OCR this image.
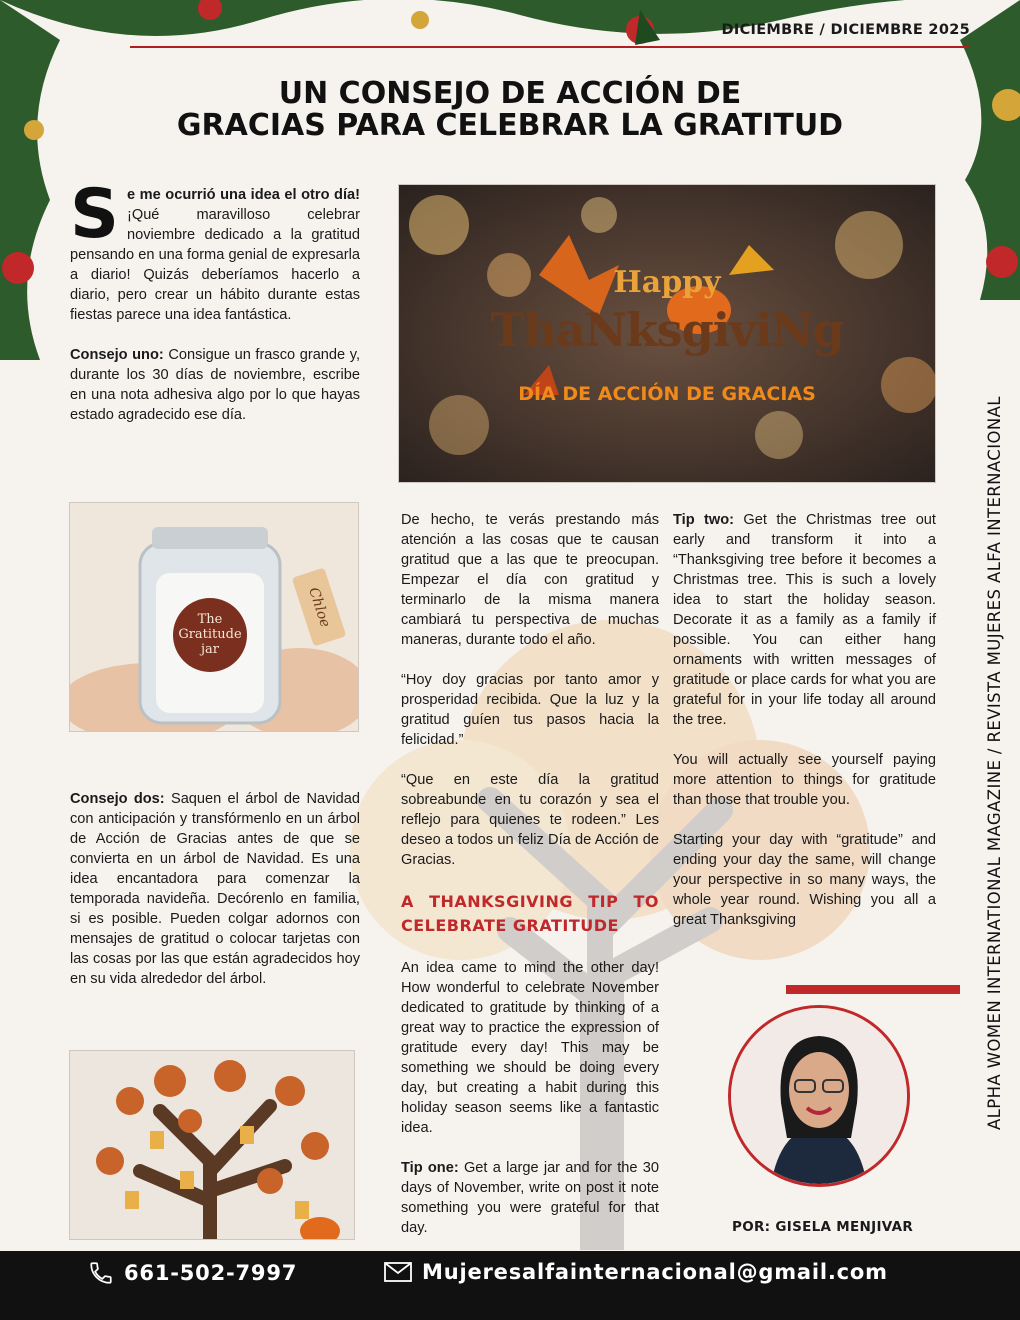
DICIEMBRE / DICIEMBRE 2025
UN CONSEJO DE ACCIÓN DE
GRACIAS PARA CELEBRAR LA GRATITUD

Se me ocurrió una idea el otro día! ¡Qué maravilloso celebrar noviembre dedicado a la gratitud pensando en una forma genial de expresarla a diario! Quizás deberíamos hacerlo a diario, pero crear un hábito durante estas fiestas parece una idea fantástica.

Consejo uno: Consigue un frasco grande y, durante los 30 días de noviembre, escribe en una nota adhesiva algo por lo que hayas estado agradecido ese día.

Happy
ThaNksgiviNg
DÍA DE ACCIÓN DE GRACIAS
The
Gratitude
jar
Chloe

Consejo dos: Saquen el árbol de Navidad con anticipación y transfórmenlo en un árbol de Acción de Gracias antes de que se convierta en un árbol de Navidad. Es una idea encantadora para comenzar la temporada navideña. Decórenlo en familia, si es posible. Pueden colgar adornos con mensajes de gratitud o colocar tarjetas con las cosas por las que están agradecidos hoy en su vida alrededor del árbol.

De hecho, te verás prestando más atención a las cosas que te causan gratitud que a las que te preocupan. Empezar el día con gratitud y terminarlo de la misma manera cambiará tu perspectiva de muchas maneras, durante todo el año.

“Hoy doy gracias por tanto amor y prosperidad recibida. Que la luz y la gratitud guíen tus pasos hacia la felicidad.”

“Que en este día la gratitud sobreabunde en tu corazón y sea el reflejo para quienes te rodeen.” Les deseo a todos un feliz Día de Acción de Gracias.

A THANKSGIVING TIP TO CELEBRATE GRATITUDE

An idea came to mind the other day! How wonderful to celebrate November dedicated to gratitude by thinking of a great way to practice the expression of gratitude every day! This may be something we should be doing every day, but creating a habit during this holiday season seems like a fantastic idea.

Tip one: Get a large jar and for the 30 days of November, write on post it note something you were grateful for that day.

Tip two: Get the Christmas tree out early and transform it into a “Thanksgiving tree before it becomes a Christmas tree. This is such a lovely idea to start the holiday season. Decorate it as a family as a family if possible. You can either hang ornaments with written messages of gratitude or place cards for what you are grateful for in your life today all around the tree.

You will actually see yourself paying more attention to things for gratitude than those that trouble you.

Starting your day with “gratitude” and ending your day the same, will change your perspective in so many ways, the whole year round. Wishing you all a great Thanksgiving	ALPHA WOMEN INTERNATIONAL MAGAZINE / REVISTA MUJERES ALFA INTERNACIONAL
POR: GISELA MENJIVAR
661-502-7997	Mujeresalfainternacional@gmail.com
